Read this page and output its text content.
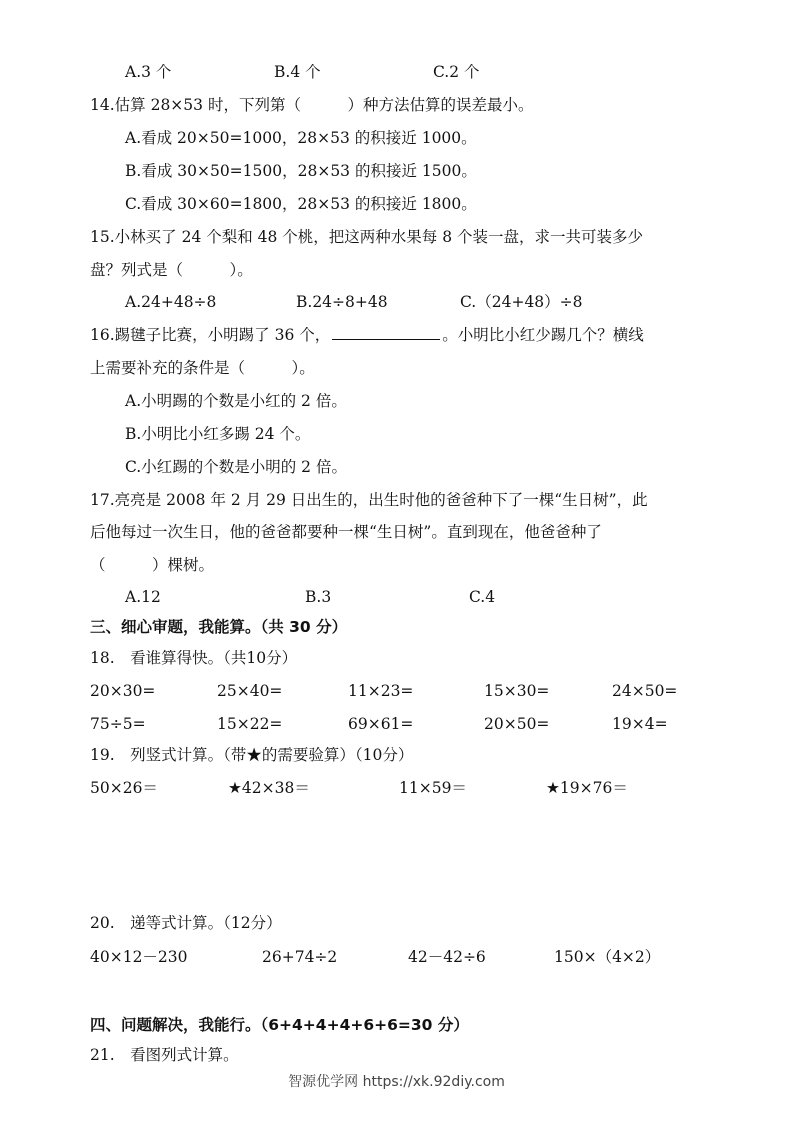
A.3 个	B.4 个	C.2 个
14.估算 28×53 时，下列第（　　　）种方法估算的误差最小。
A.看成 20×50=1000，28×53 的积接近 1000。
B.看成 30×50=1500，28×53 的积接近 1500。
C.看成 30×60=1800，28×53 的积接近 1800。
15.小林买了 24 个梨和 48 个桃，把这两种水果每 8 个装一盘，求一共可装多少
盘？列式是（　　　）。
A.24+48÷8	B.24÷8+48	C.（24+48）÷8
16.踢毽子比赛，小明踢了 36 个，	。小明比小红少踢几个？横线
上需要补充的条件是（　　　）。
A.小明踢的个数是小红的 2 倍。
B.小明比小红多踢 24 个。
C.小红踢的个数是小明的 2 倍。
17.亮亮是 2008 年 2 月 29 日出生的，出生时他的爸爸种下了一棵“生日树”，此
后他每过一次生日，他的爸爸都要种一棵“生日树”。直到现在，他爸爸种了
（　　　）棵树。
A.12	B.3	C.4
三、细心审题，我能算。（共 30 分）
18.　看谁算得快。（共10分）
20×30=	25×40=	11×23=	15×30=	24×50=
75÷5=	15×22=	69×61=	20×50=	19×4=
19.　列竖式计算。（带★的需要验算）（10分）
50×26＝	★42×38＝	11×59＝	★19×76＝
20.　递等式计算。（12分）
40×12－230	26+74÷2	42－42÷6	150×（4×2）
四、问题解决，我能行。（6+4+4+4+6+6=30 分）
21.　看图列式计算。
智源优学网 https://xk.92diy.com
